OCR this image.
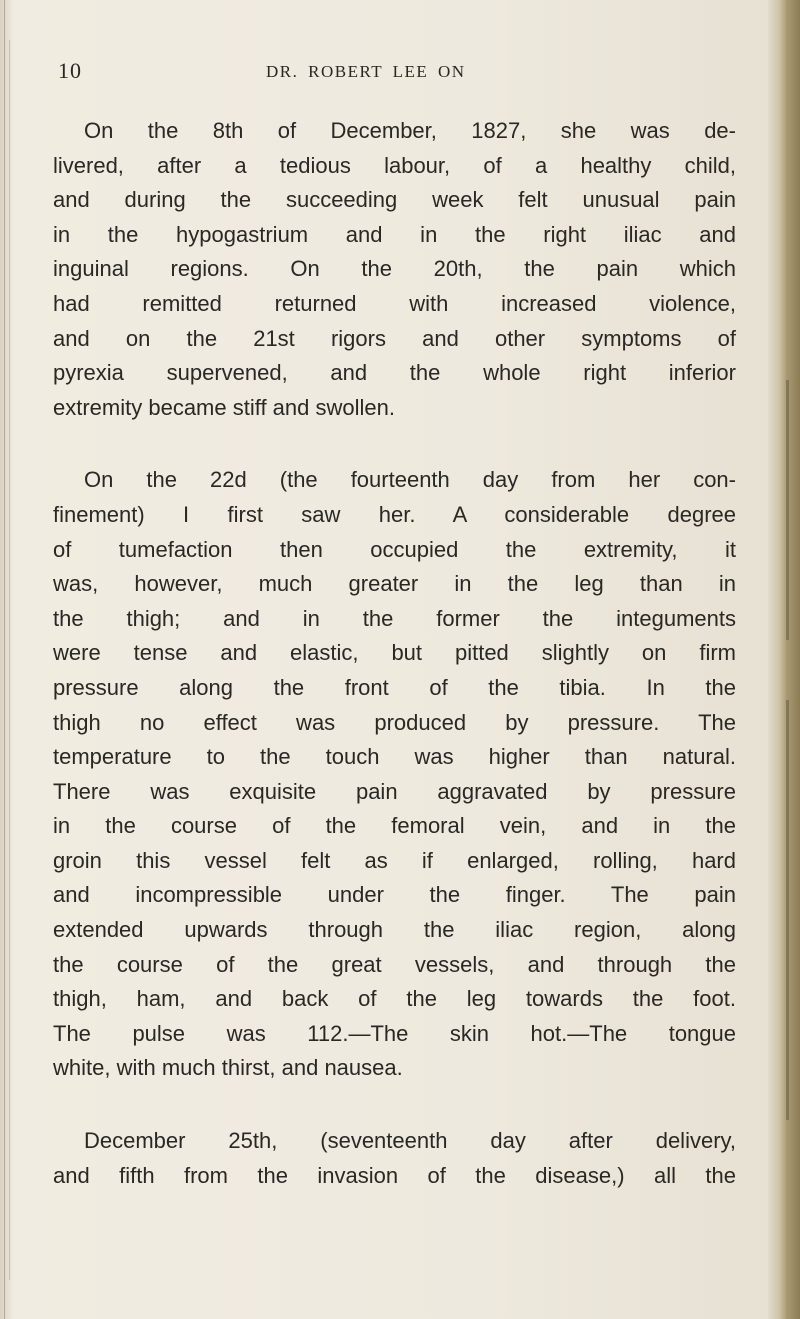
10	DR. ROBERT LEE ON

On the 8th of December, 1827, she was de-
livered, after a tedious labour, of a healthy child,
and during the succeeding week felt unusual pain
in the hypogastrium and in the right iliac and
inguinal regions. On the 20th, the pain which
had remitted returned with increased violence,
and on the 21st rigors and other symptoms of
pyrexia supervened, and the whole right inferior
extremity became stiff and swollen.

On the 22d (the fourteenth day from her con-
finement) I first saw her. A considerable degree
of tumefaction then occupied the extremity, it
was, however, much greater in the leg than in
the thigh; and in the former the integuments
were tense and elastic, but pitted slightly on firm
pressure along the front of the tibia. In the
thigh no effect was produced by pressure. The
temperature to the touch was higher than natural.
There was exquisite pain aggravated by pressure
in the course of the femoral vein, and in the
groin this vessel felt as if enlarged, rolling, hard
and incompressible under the finger. The pain
extended upwards through the iliac region, along
the course of the great vessels, and through the
thigh, ham, and back of the leg towards the foot.
The pulse was 112.—The skin hot.—The tongue
white, with much thirst, and nausea.

December 25th, (seventeenth day after delivery,
and fifth from the invasion of the disease,) all the
